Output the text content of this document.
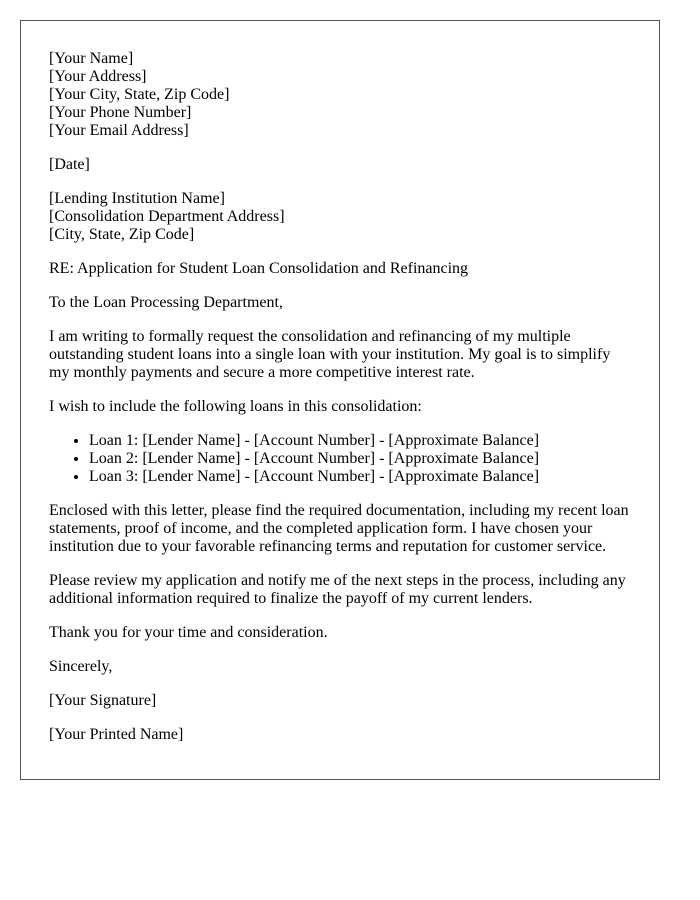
[Your Name]
[Your Address]
[Your City, State, Zip Code]
[Your Phone Number]
[Your Email Address]

[Date]

[Lending Institution Name]
[Consolidation Department Address]
[City, State, Zip Code]

RE: Application for Student Loan Consolidation and Refinancing

To the Loan Processing Department,

I am writing to formally request the consolidation and refinancing of my multiple outstanding student loans into a single loan with your institution. My goal is to simplify my monthly payments and secure a more competitive interest rate.

I wish to include the following loans in this consolidation:

• Loan 1: [Lender Name] - [Account Number] - [Approximate Balance]
• Loan 2: [Lender Name] - [Account Number] - [Approximate Balance]
• Loan 3: [Lender Name] - [Account Number] - [Approximate Balance]

Enclosed with this letter, please find the required documentation, including my recent loan statements, proof of income, and the completed application form. I have chosen your institution due to your favorable refinancing terms and reputation for customer service.

Please review my application and notify me of the next steps in the process, including any additional information required to finalize the payoff of my current lenders.

Thank you for your time and consideration.

Sincerely,

[Your Signature]

[Your Printed Name]
